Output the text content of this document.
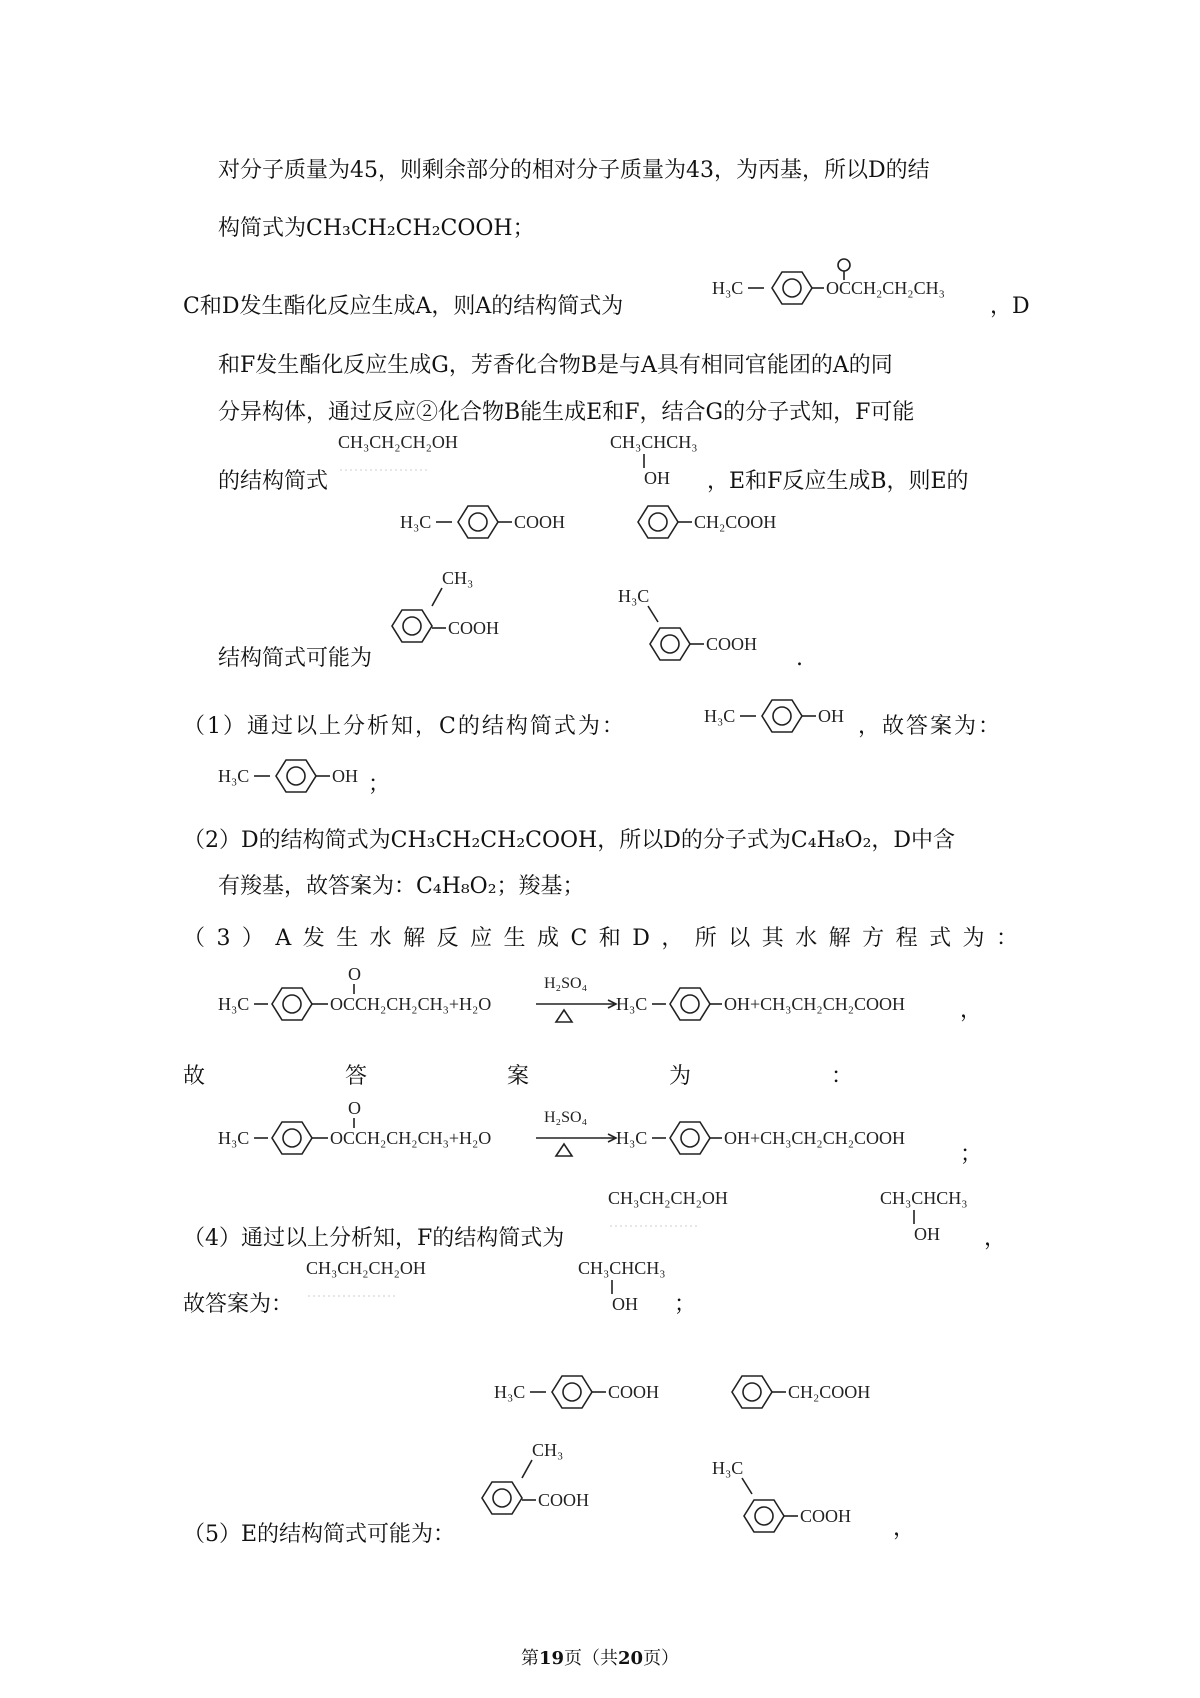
对分子质量为45，则剩余部分的相对分子质量为43，为丙基，所以D的结
构简式为CH₃CH₂CH₂COOH；
C和D发生酯化反应生成A，则A的结构简式为
H₃C	OCCH₂CH₂CH₃
，D
和F发生酯化反应生成G，芳香化合物B是与A具有相同官能团的A的同
分异构体，通过反应②化合物B能生成E和F，结合G的分子式知，F可能
的结构简式
CH₃CH₂CH₂OH	CH₃CHCH₃
OH ，E和F反应生成B，则E的
H₃C	COOH	CH₂COOH
CH₃
COOH
结构简式可能为
H₃C
COOH
.
（1）通过以上分析知，C的结构简式为：	H₃C	OH ，故答案为：
H₃C	OH ；
（2）D的结构简式为CH₃CH₂CH₂COOH，所以D的分子式为C₄H₈O₂，D中含
有羧基，故答案为：C₄H₈O₂；羧基；
（3）A发生水解反应生成C和D，所以其水解方程式为：
H₃C
O
OCCH₂CH₂CH₃+H₂O
H₂SO₄
H₃C	OH+CH₃CH₂CH₂COOH	，
故答案为：
H₃C
O
OCCH₂CH₂CH₃+H₂O
H₂SO₄
H₃C	OH+CH₃CH₂CH₂COOH
；
CH₃CH₂CH₂OH	CH₃CHCH₃
OH
（4）通过以上分析知，F的结构简式为	，
CH₃CH₂CH₂OH	CH₃CHCH₃
OH
故答案为：	；
H₃C	COOH	CH₂COOH
CH₃
COOH
（5）E的结构简式可能为：
H₃C
COOH ，
第19页（共20页）
